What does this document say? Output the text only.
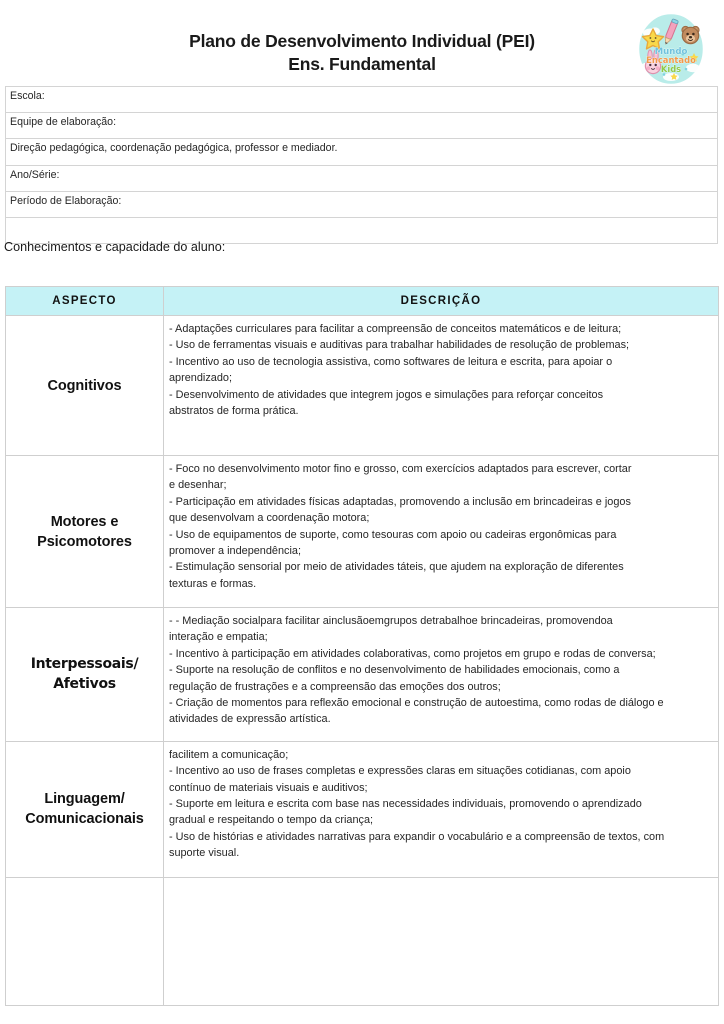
Plano de Desenvolvimento Individual (PEI)
Ens. Fundamental
Mundo
Encantado
Kids
Escola:
Equipe de elaboração:
Direção pedagógica, coordenação pedagógica, professor e mediador.
Ano/Série:
Período de Elaboração:

Conhecimentos e capacidade do aluno:
ASPECTO	DESCRIÇÃO

Cognitivos

- Adaptações curriculares para facilitar a compreensão de conceitos matemáticos e de leitura;
- Uso de ferramentas visuais e auditivas para trabalhar habilidades de resolução de problemas;
- Incentivo ao uso de tecnologia assistiva, como softwares de leitura e escrita, para apoiar o
aprendizado;
- Desenvolvimento de atividades que integrem jogos e simulações para reforçar conceitos
abstratos de forma prática.

Motores e
Psicomotores

- Foco no desenvolvimento motor fino e grosso, com exercícios adaptados para escrever, cortar
e desenhar;
- Participação em atividades físicas adaptadas, promovendo a inclusão em brincadeiras e jogos
que desenvolvam a coordenação motora;
- Uso de equipamentos de suporte, como tesouras com apoio ou cadeiras ergonômicas para
promover a independência;
- Estimulação sensorial por meio de atividades táteis, que ajudem na exploração de diferentes
texturas e formas.

Interpessoais/
Afetivos

- - Mediação socialpara facilitar ainclusãoemgrupos detrabalhoe brincadeiras, promovendoa
interação e empatia;
- Incentivo à participação em atividades colaborativas, como projetos em grupo e rodas de conversa;
- Suporte na resolução de conflitos e no desenvolvimento de habilidades emocionais, como a
regulação de frustrações e a compreensão das emoções dos outros;
- Criação de momentos para reflexão emocional e construção de autoestima, como rodas de diálogo e
atividades de expressão artística.

Linguagem/
Comunicacionais

facilitem a comunicação;
- Incentivo ao uso de frases completas e expressões claras em situações cotidianas, com apoio
contínuo de materiais visuais e auditivos;
- Suporte em leitura e escrita com base nas necessidades individuais, promovendo o aprendizado
gradual e respeitando o tempo da criança;
- Uso de histórias e atividades narrativas para expandir o vocabulário e a compreensão de textos, com
suporte visual.
